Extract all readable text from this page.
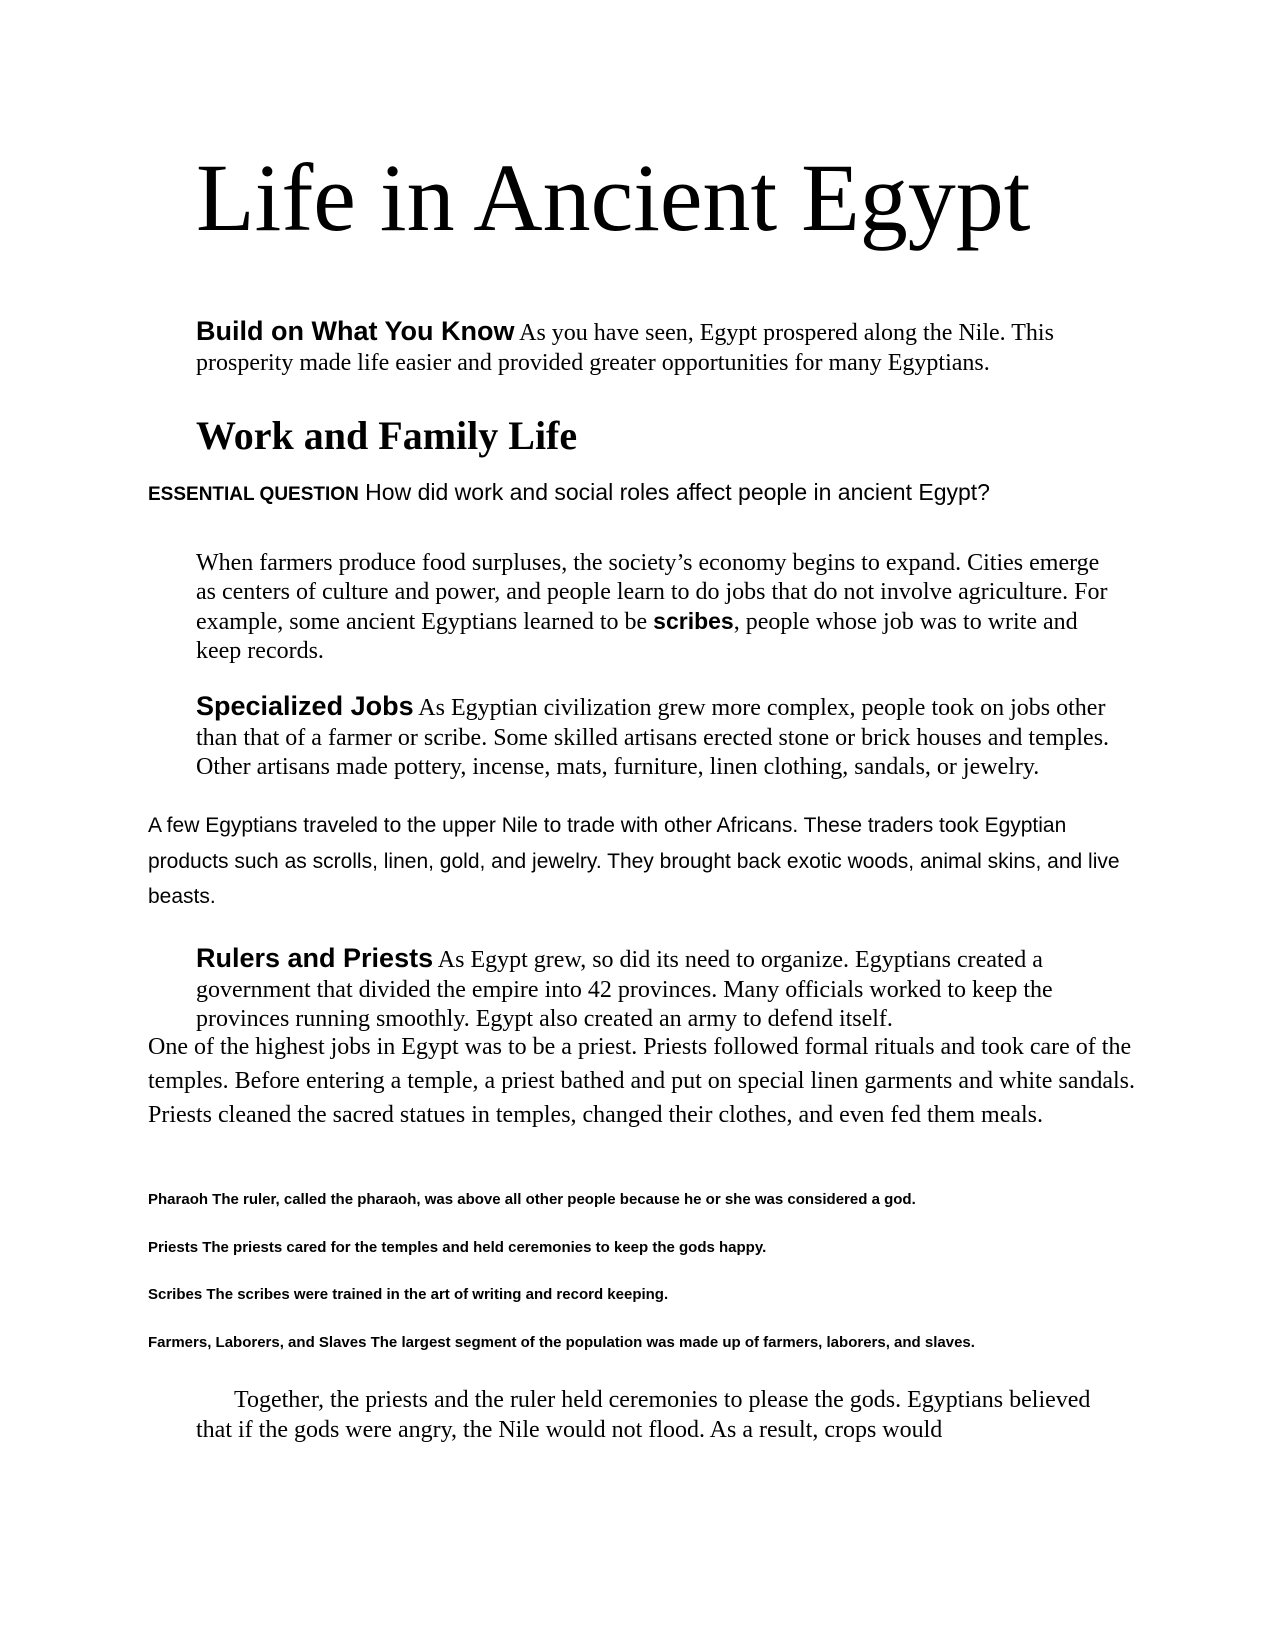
Life in Ancient Egypt

Build on What You Know As you have seen, Egypt prospered along the Nile. This prosperity made life easier and provided greater opportunities for many Egyptians.

Work and Family Life

ESSENTIAL QUESTION How did work and social roles affect people in ancient Egypt?

When farmers produce food surpluses, the society’s economy begins to expand. Cities emerge as centers of culture and power, and people learn to do jobs that do not involve agriculture. For example, some ancient Egyptians learned to be scribes, people whose job was to write and keep records.

Specialized Jobs As Egyptian civilization grew more complex, people took on jobs other than that of a farmer or scribe. Some skilled artisans erected stone or brick houses and temples. Other artisans made pottery, incense, mats, furniture, linen clothing, sandals, or jewelry.

A few Egyptians traveled to the upper Nile to trade with other Africans. These traders took Egyptian products such as scrolls, linen, gold, and jewelry. They brought back exotic woods, animal skins, and live beasts.

Rulers and Priests As Egypt grew, so did its need to organize. Egyptians created a government that divided the empire into 42 provinces. Many officials worked to keep the provinces running smoothly. Egypt also created an army to defend itself.

One of the highest jobs in Egypt was to be a priest. Priests followed formal rituals and took care of the temples. Before entering a temple, a priest bathed and put on special linen garments and white sandals. Priests cleaned the sacred statues in temples, changed their clothes, and even fed them meals.

Pharaoh The ruler, called the pharaoh, was above all other people because he or she was considered a god.

Priests The priests cared for the temples and held ceremonies to keep the gods happy.

Scribes The scribes were trained in the art of writing and record keeping.

Farmers, Laborers, and Slaves The largest segment of the population was made up of farmers, laborers, and slaves.

Together, the priests and the ruler held ceremonies to please the gods. Egyptians believed that if the gods were angry, the Nile would not flood. As a result, crops would
